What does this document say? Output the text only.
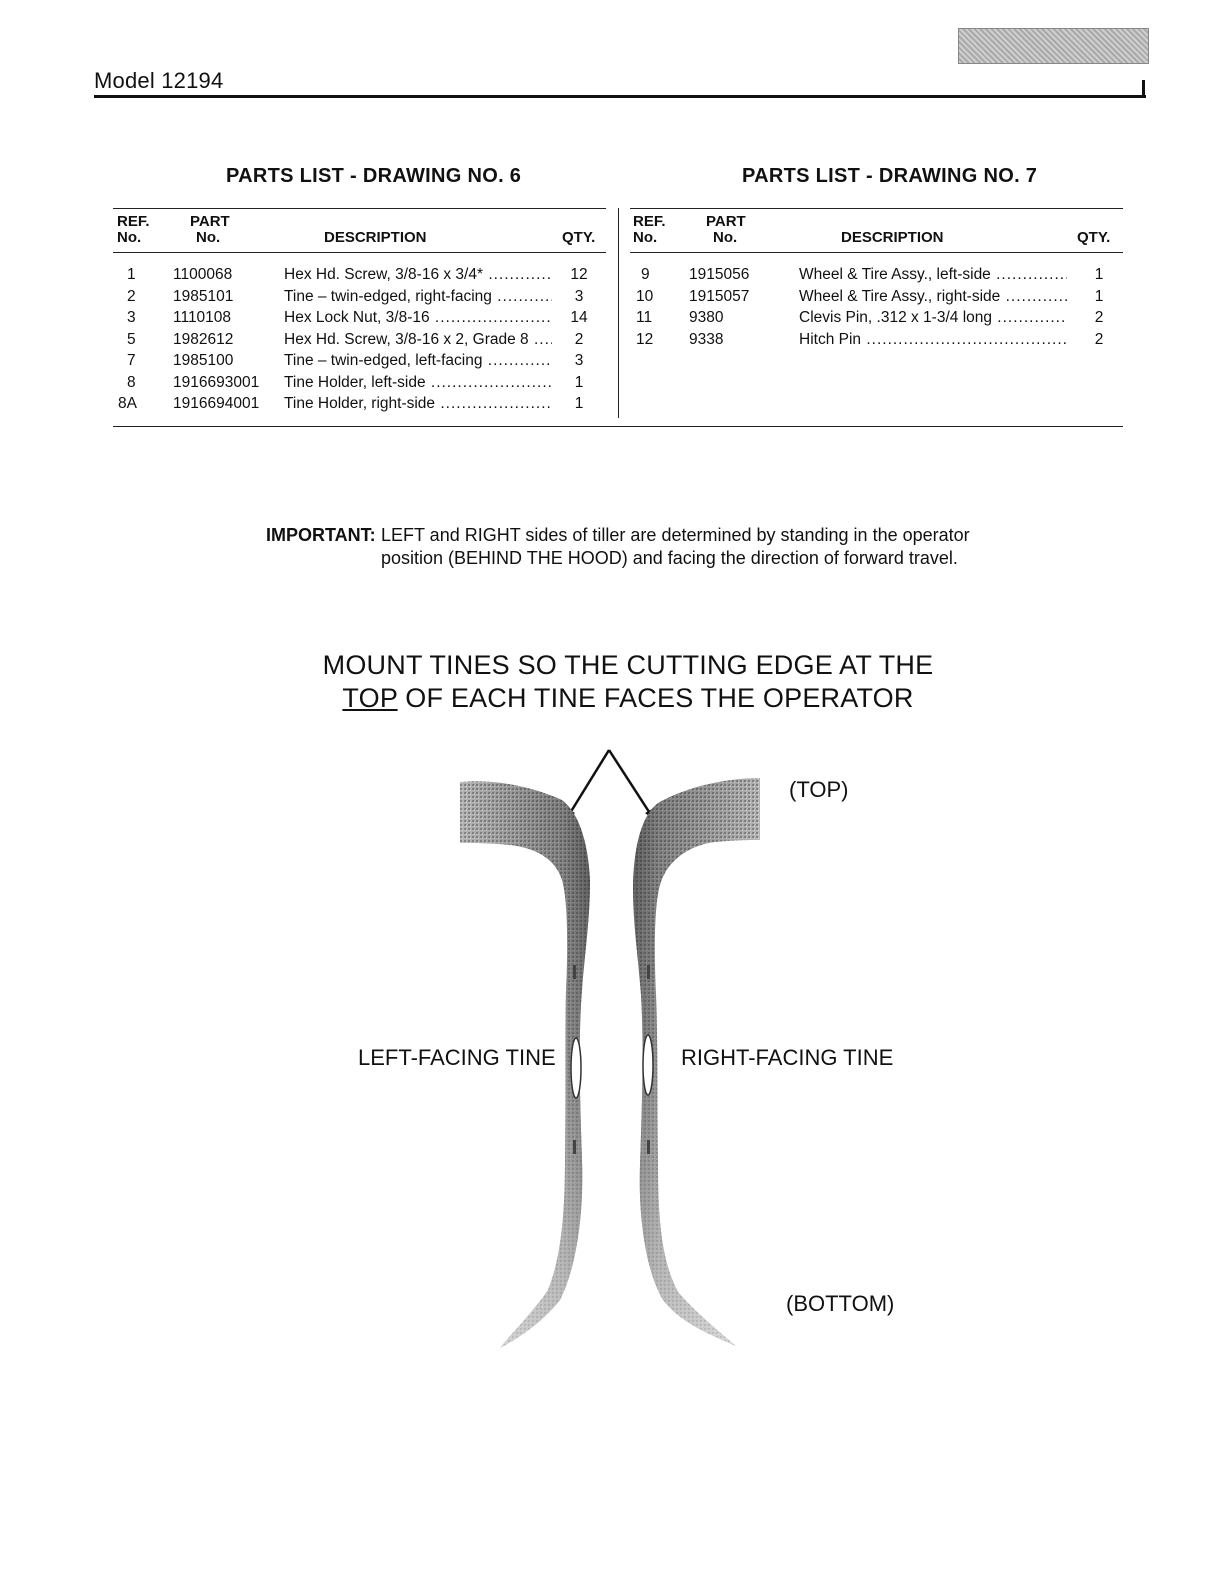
Model 12194
PARTS LIST - DRAWING NO. 6
REF.
No.
PART
No.	DESCRIPTION	QTY.
1 1100068	Hex Hd. Screw, 3/8-16 x 3/4* .....	12
2 1985101	Tine – twin-edged, right-facing .....	3
3 1110108	Hex Lock Nut, 3/8-16 .....	14
5 1982612	Hex Hd. Screw, 3/8-16 x 2, Grade 8 .....	2
7 1985100	Tine – twin-edged, left-facing .....	3
8 1916693001 Tine Holder, left-side .....	1
8A 1916694001 Tine Holder, right-side .....	1
PARTS LIST - DRAWING NO. 7
REF.
No.
PART
No.	DESCRIPTION	QTY.
9	1915056	Wheel & Tire Assy., left-side .....	1
10 1915057	Wheel & Tire Assy., right-side .....	1
11 9380	Clevis Pin, .312 x 1-3/4 long .....	2
12 9338	Hitch Pin .....	2
IMPORTANT: LEFT and RIGHT sides of tiller are determined by standing in the operator
position (BEHIND THE HOOD) and facing the direction of forward travel.
MOUNT TINES SO THE CUTTING EDGE AT THE
TOP OF EACH TINE FACES THE OPERATOR
(TOP)
(BOTTOM)
LEFT-FACING TINE	RIGHT-FACING TINE
